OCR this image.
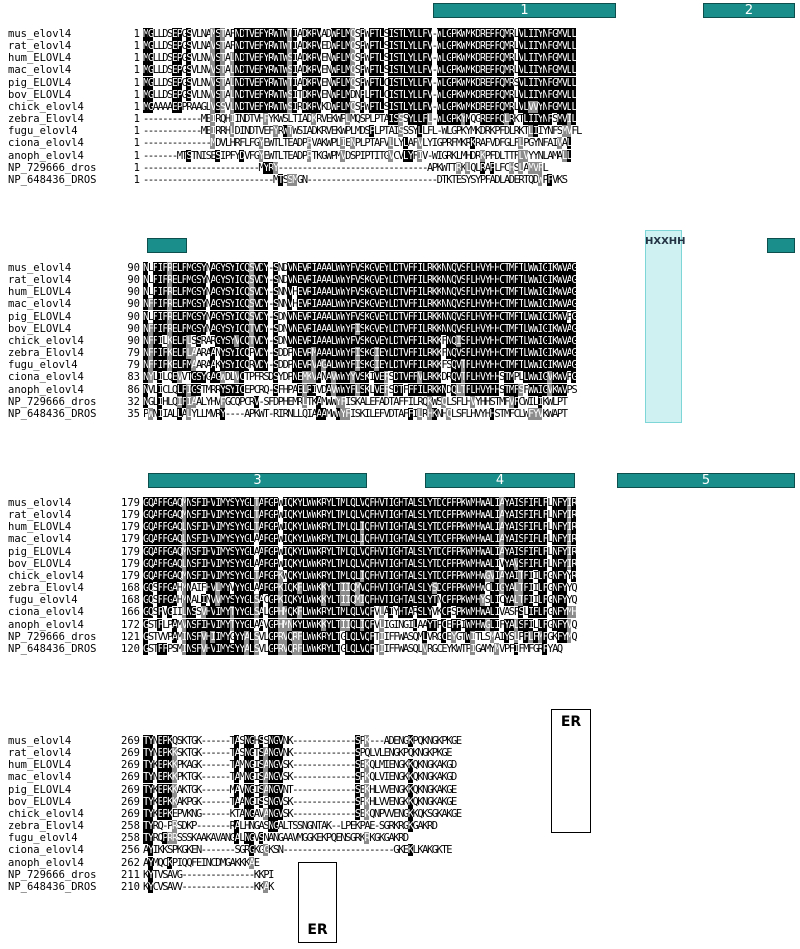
1	2
mus_elovl4	1 MGLLDSEPGSVLNAMSTAFNDTVEFYRWTWTIADKRVADWPLMQSPWPTLSISTLYLLFV-WLGPKWMKDREPFQMRLVLIIYNFGMVLL
rat_elovl4	1 MGLLDSEPGSVLNAVSTAFNDTVEFYRWTWTIADKRVEDWPLMQSPWPTLSISTLYLLFV-WLGPKWMKDREPFQMRLVLIIYNFGMVLL
hum_ELOVL4	1 MGLLDSEPGSVLNVVSTALNDTVEFYRWTWSIADKRVENWPLMQSPWPTLSISTLYLLFV-WLGPKWMKDREPFQMRLVLIIYNFGMVLL
mac_elovl4	1 MGLLDSEPGSVLNVVSTALNDTVEFYRWTWSIADKRVENWPLMQSPWPTLSISTLYLLFV-WLGPKWMKDREPFQMRLVLIIYNFGMVLL
pig_ELOVL4	1 MGLLDSEPGSVLNVVSTALNDTVEFYRWTWTIADKRVENWPLMQSPWPTLCISTLYLLFV-WLGPKWMKDREPFQMRSVLIIYNFGMVLL
bov_ELOVL4	1 MGLLDSEPGSVLNVVSTALNDTVEFYRWTWSITDKRVENWPLMDNPLPTLCISTLYLLFV-WLGPKWMKDREPFQMRLVLIIYNFGMVLL
chick_elovl4	1 MGAAAAEPPRAAGLVSSVLNDTVEFYRWTWSIRDKRVKDWPLMQSPWPTLSISTLYLLFV-WLGPKWMKDREPFQMRLVLVVYNFGMVLL
zebra_Elovl4	1 ------------MEIRQHIINDTVHFYKWSLTIADKRVEKWPLMQSPLPTAISSSYLLFL-WLGPKYMQGREPFQLRKTLIIYNFSMVIL
fugu_elovl4	1 ------------MEIRRHLDINDTVEFYRWTWSIADKRVEKWPLMDSPLPTAISSSYLLFL-WLGPKYMKDRKPFDLRKTLIIYNFSMVFL
ciona_elovl4	1 --------------MDVLHRFLFGYEWTLTEADPRVAKWPLIENPLPTAFVLLYLAFVLYIGPRFMKRKRAFVDFGLFLPGYNFAIVAL
anoph_elovl4	1 -------MTSTNISESIPFYDVFGYEWTLTEADPRTKGWPMVDSPIPTITGVCVLYFIV-WIGRKLMHDRKPFDLTTFLVYYNLAMALL
NP_729666_dros	1 ------------------------MYRY-------------------------------APKWTTRKLQLRAPLFCHSLAMVFL
NP_648436_DROS	1 ---------------------------MTSSMGN---------------------------DTKTESYSYPFADLADERTQDWPFVKS
HXXHH
mus_elovl4	90 NLFIFRELFMGSYNAGYSYICQSVDY-SNDVNEVRIAAALWWYFVSKGVEYLDTVFFILRKKNNQVSFLHVYHHCTMFTLWWIGIKWVAG
rat_elovl4	90 NLFIFRELFMGSYNAGYSYICQSVDY-SNDVNEVRIAAALWWYFVSKGVEYLDTVFFILRKKNNQVSFLHVYHHCTMFTLWWIGIKWVAG
hum_ELOVL4	90 NLFIFRELFMGSYNAGYSYICQSVDY-SNNVHEVRIAAALWWYFVSKGVEYLDTVFFILRKKNNQVSFLHVYHHCTMFTLWWIGIKWVAG
mac_elovl4	90 NFFIFRELFMGSYNAGYSYICQSVDY-SNNVHEVRIAAALWWYFVSKGVEYLDTVFFILRKKNNQVSFLHVYHHCTMFTLWWIGIKWVAG
pig_ELOVL4	90 NLFIFRELFMGSYNAGYSYICQSVDY-SDNVNEVRIAAALWWYFVSKGVEYLDTVFFILRKKNNQVSFLHVYHHCTMFTLWWIGIKWVPG
bov_ELOVL4	90 NFFIFRELFMGSYNAGYSYICQTVDY-SDNVNEVRIAAALWWYFISKGVEYLDTVFFILRKKNNQVSFLHVYHHCTMFTLWWIGIKWVAG
chick_elovl4	90 NFFILKELFLSSRARGYSYVCQTVDY-SDNVNEVRIAAALWWYFVSKGVEYLDTVFFILRKKFNQISFLHVYHHCTMFTLWWIGIKWVAG
zebra_Elovl4	79 NFFIFKELFLAARAANYSYICQPVDY-SDDPNEVRMAAALWWYFISKGIEYLDTVFFILRKKFNQVSFLHVYHHCTMFTLWWIGIKWVAG
fugu_elovl4	79 NFFIFKELFMAARAAKYSYICQRVDY-SDDPNEVRVAGALWWYFISKGIEYLDTVFFILRKKFSQVTFLHVYHHCTMFTLWWIGIKWVAG
ciona_elovl4	83 NYLILQEVVTGSYGAGWDLVCTPFRSDSYDPNEMKVANAVWWYYVSKIVEFSDTVFFVLRKKDRQVTFLHVYHHSTMPLLWWIGVKWVPG
anoph_elovl4	86 NVLICLQLFIGSTMRRYSYICEPCRQ-SFHPAELRIVDAVWWYFLSKLVEFSDTFFFILRKKNDQLTFLHVYHHSTMFSFWWIGVKWVPS
NP_729666_dros	32 NGLIHLQIFIAALYHVFGCQPCRV-SFDPHEMRLTKAMWWYFISKALEFADTAFFILRQKWSQLSFLHVYHHSTMFVFCWILIKWLPT
NP_648436_DROS	35 PWNIIALLALYLLMVRY----APKWT-RIRNLLQIAAAMWWYFISKILEFVDTAFFILRHKNHQLSFLHVYHHSTMFCLWFYVKWAPT
3	4	5
mus_elovl4	179 GQAFFGAQMNSFIHVIMYSYYGLTAFGPWIQKYLWWKRYLTMLQLVQFHVTIGHTALSLYTDCPFPKWMHWALIAYAISFIFLFLNFYIR
rat_elovl4	179 GQAFFGAQMNSFIHVIMYSYYGLTAFGPWIQKYLWWKRYLTMLQLVQFHVTIGHTALSLYTDCPFPKWMHWALIAYAISFIFLFLNFYIR
hum_ELOVL4	179 GQAFFGAQLNSFIHVIMYSYYGLTAFGPWIQKYLWWKRYLTMLQLIQFHVTIGHTALSLYTDCPFPKWMHWALIAYAISFIFLFLNFYIR
mac_elovl4	179 GQAFFGAQLNSFIHVIMYSYYGLAAFGPWIQKYLWWKRYLTMLQLIQFHVTIGHTALSLYTDCPFPKWMHWALIAYAISFIFLFLNFYIR
pig_ELOVL4	179 GQAFFGAQMNSFIHVIMYSYYGLAAFGPWIQKYLWWKRYLTMLQLVQFHVTIGHTALSLYTDCPFPKWMHWALIAYAISFIFLFLNFYIR
bov_ELOVL4	179 GQAFFGAQLNSFIHVIMYSYYGLAAFGPWIQKYLWWKRYLTMLQLVQFHVTIGHTALSLYTDCPFPKWMHWALIVYAVSFIFLFLNFYIR
chick_elovl4	179 GQAFFGAQMNSFIHVIMYSYYGLTAFGPKWQKYLWWKRYLTMLQLIQFHVTIGHTALSLYTDCPFPKWMHWGVIAYAITFIILFGNFYYR
zebra_Elovl4	168 GQSFFGAHMNAIFHVLMYVYYGLAAFGPKIQKFLWWKKYLTIIQMVQFHVTIGHTALSLYSDCPFPKWMHWCLIGYALTFIILFGNFYYQ
fugu_elovl4	168 GQSFFGAHMNALINVVMYSYYGLSACGPKIQKYLWWKKYLTIIQMIQFHVTIGHTALSLYTNCPFPKWMHYSLICYALTFIILFGNFYYQ
ciona_elovl4	166 GQSFVGIILNSSVHVIMYTYYGLSALGPHMQKFLWWKRYLTMLQLVQFVLAIYHTARSLYVKCPSPKWMHWALIVASFSLIFLFGNFYMH
anoph_elovl4	172 GSTFLPAMVNSFIHVIMYTYYGLAAVGPHMNKYLWWKKYLTIIQLIQFVLIGINGILAAYTPCEFPIWMHWGLIFYALSFILLFGNFYVQ
NP_729666_dros	121 GSTVVPAMINSFVHIIMYGYYALSVLGPRVQRFLWWKRYLTGLQLVQFTIIFFWASQMLVRGCEYGTWITLSMAIYSLPFLFMFGKFYMQ
NP_648436_DROS	120 GSTFFPSMINSFVHVIMYSYYALSVLGPRVQRFLWWKRYLTGLQLVQFTIIFFWASQLVRGCEYKWTPIGAMYMVPFIFMFGRFYAQ
ER
ER
mus_elovl4	269 TYNEPKQSKTGK------TASNGHSSNGVNK-------------SPK---ADENGKPQKNGKPKGE
rat_elovl4	269 TYNEPKKSKTGK------TASNGTSANGVNK-------------SPQLVLENGKPQKNGKPKGE
hum_ELOVL4	269 TYKEPKKPKAGK------TAMNGISANGVSK-------------SEKQLMIENGKKQKNGKAKGD
mac_elovl4	269 TYNEPKKPKTGK------TAMNGISANGVSK-------------SPKQLVIENGKKQKNGKAKGD
pig_ELOVL4	269 TYKEPKKAKTGK------MAVNGISANGVNT-------------SEKHLVVENGKKQKNGKAKGE
bov_ELOVL4	269 TYKEPKKAKPGK------TAANGISSNGVSK-------------SPKHLVVENGKKQKNGKAKGE
chick_elovl4	269 TYKEPKEPVKNG------KTANGAVANGVSK-------------SEKQNPVVENGKKQKSGKAKGE
zebra_Elovl4	258 TYRQ-PRSDKP-------RALHNGASNGALTSSNGNTAK--LPEKPAE-SGRKRGKGAKRD
fugu_elovl4	258 TYRQPRRSSSKAAKAVANGALNGVSNANGAAVMGGKEKPQENSGRKRKGKGAKRD
ciona_elovl4	256 AYIKKSPKGKEN-------SGRGKGGKSN-----------------------GKEKLKAKGKTE
anoph_elovl4	262 AYMQCKPIQQFEINCDMGAKKKAE
NP_729666_dros	211 KYTVSAVG---------------KKPI
NP_648436_DROS	210 KYCVSAVV---------------KKAK
